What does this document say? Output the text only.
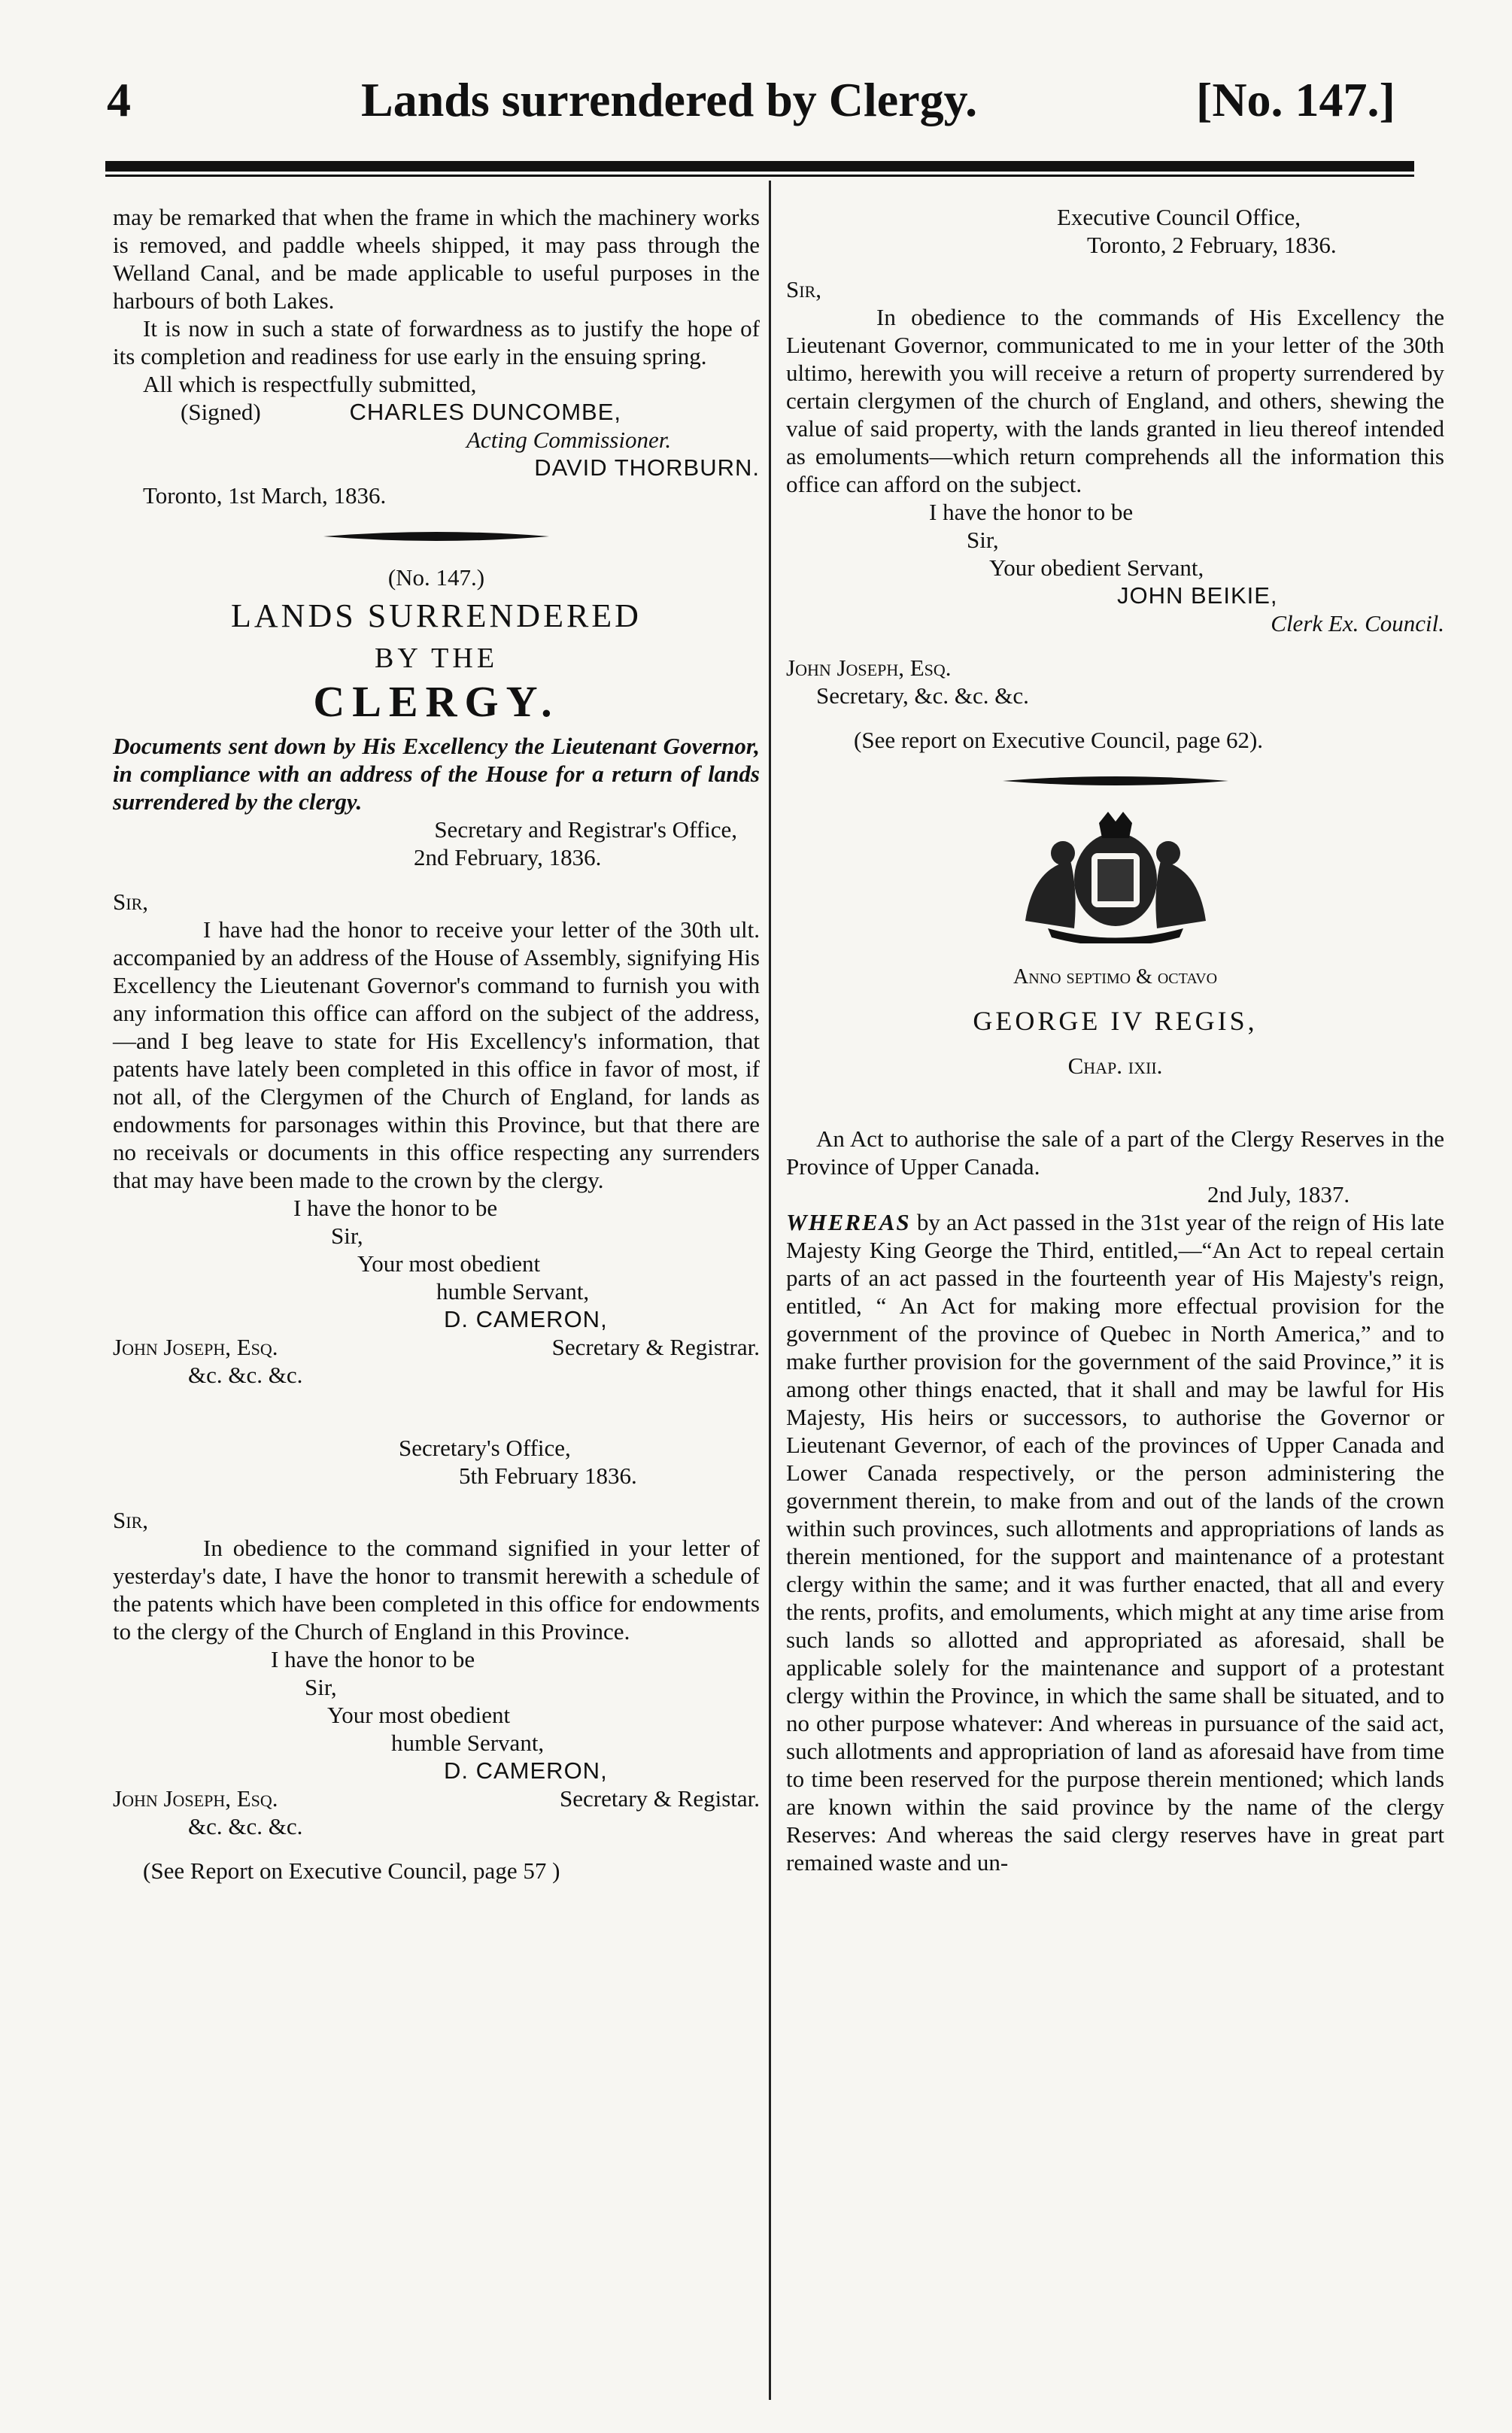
4	Lands surrendered by Clergy.	[No. 147.]

may be remarked that when the frame in which the machinery works is removed, and paddle wheels shipped, it may pass through the Welland Canal, and be made applicable to useful purposes in the harbours of both Lakes.

It is now in such a state of forwardness as to justify the hope of its completion and readiness for use early in the ensuing spring.

All which is respectfully submitted,

(Signed)	CHARLES DUNCOMBE,

Acting Commissioner.

DAVID THORBURN.

Toronto, 1st March, 1836.

(No. 147.)

LANDS SURRENDERED

BY THE

CLERGY.

Documents sent down by His Excellency the Lieutenant Governor, in compliance with an address of the House for a return of lands surrendered by the clergy.

Secretary and Registrar's Office,

2nd February, 1836.

Sir,

I have had the honor to receive your letter of the 30th ult. accompanied by an address of the House of Assembly, signifying His Excellency the Lieutenant Governor's command to furnish you with any information this office can afford on the subject of the address,—and I beg leave to state for His Excellency's information, that patents have lately been completed in this office in favor of most, if not all, of the Clergymen of the Church of England, for lands as endowments for parsonages within this Province, but that there are no receivals or documents in this office respecting any surrenders that may have been made to the crown by the clergy.

I have the honor to be

Sir,

Your most obedient

humble Servant,

D. CAMERON,

John Joseph, Esq.	Secretary & Registrar.

&c. &c. &c.

Secretary's Office,

5th February 1836.

Sir,

In obedience to the command signified in your letter of yesterday's date, I have the honor to transmit herewith a schedule of the patents which have been completed in this office for endowments to the clergy of the Church of England in this Province.

I have the honor to be

Sir,

Your most obedient

humble Servant,

D. CAMERON,

John Joseph, Esq.	Secretary & Registar.

&c. &c. &c.

(See Report on Executive Council, page 57 )

Executive Council Office,

Toronto, 2 February, 1836.

Sir,

In obedience to the commands of His Excellency the Lieutenant Governor, communicated to me in your letter of the 30th ultimo, herewith you will receive a return of property surrendered by certain clergymen of the church of England, and others, shewing the value of said property, with the lands granted in lieu thereof intended as emoluments—which return comprehends all the information this office can afford on the subject.

I have the honor to be

Sir,

Your obedient Servant,

JOHN BEIKIE,

Clerk Ex. Council.

John Joseph, Esq.

Secretary, &c. &c. &c.

(See report on Executive Council, page 62).

Anno septimo & octavo

GEORGE IV REGIS,

Chap. ixii.

An Act to authorise the sale of a part of the Clergy Reserves in the Province of Upper Canada.

2nd July, 1837.

WHEREAS by an Act passed in the 31st year of the reign of His late Majesty King George the Third, entitled,—“An Act to repeal certain parts of an act passed in the fourteenth year of His Majesty's reign, entitled, “ An Act for making more effectual provision for the government of the province of Quebec in North America,” and to make further provision for the government of the said Province,” it is among other things enacted, that it shall and may be lawful for His Majesty, His heirs or successors, to authorise the Governor or Lieutenant Gevernor, of each of the provinces of Upper Canada and Lower Canada respectively, or the person administering the government therein, to make from and out of the lands of the crown within such provinces, such allotments and appropriations of lands as therein mentioned, for the support and maintenance of a protestant clergy within the same; and it was further enacted, that all and every the rents, profits, and emoluments, which might at any time arise from such lands so allotted and appropriated as aforesaid, shall be applicable solely for the maintenance and support of a protestant clergy within the Province, in which the same shall be situated, and to no other purpose whatever: And whereas in pursuance of the said act, such allotments and appropriation of land as aforesaid have from time to time been reserved for the purpose therein mentioned; which lands are known within the said province by the name of the clergy Reserves: And whereas the said clergy reserves have in great part remained waste and un-
